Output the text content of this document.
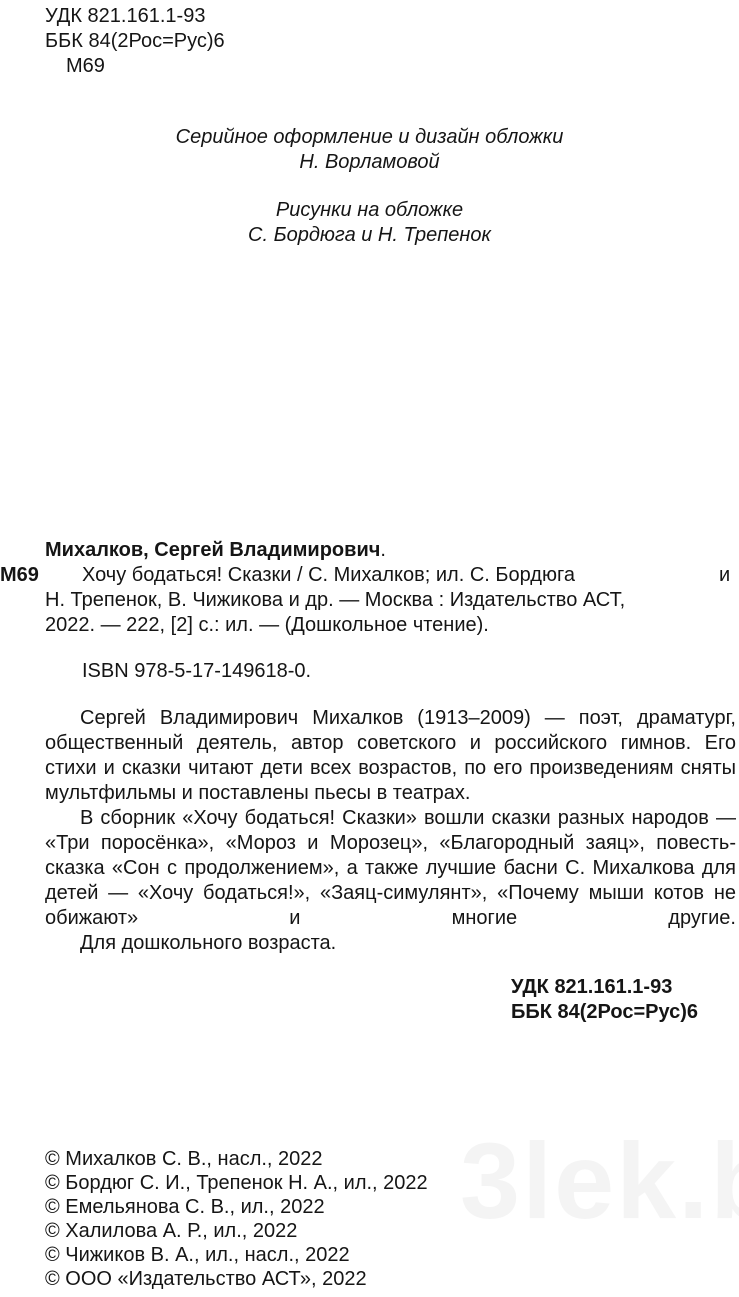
УДК 821.161.1-93
ББК 84(2Рос=Рус)6
М69
Серийное оформление и дизайн обложки
Н. Ворламовой
Рисунки на обложке
С. Бордюга и Н. Трепенок
Михалков, Сергей Владимирович.
М69 Хочу бодаться! Сказки / С. Михалков; ил. С. Бордюга	и
Н. Трепенок, В. Чижикова и др. — Москва : Издательство АСТ,
2022. — 222, [2] с.: ил. — (Дошкольное чтение).
ISBN 978-5-17-149618-0.

Сергей Владимирович Михалков (1913–2009) — поэт, драматург, общественный деятель, автор советского и российского гимнов. Его стихи и сказки читают дети всех возрастов, по его произведениям сняты мультфильмы и поставлены пьесы в театрах.

В сборник «Хочу бодаться! Сказки» вошли сказки разных народов — «Три поросёнка», «Мороз и Морозец», «Благородный заяц», повесть-сказка «Сон с продолжением», а также лучшие басни С. Михалкова для детей — «Хочу бодаться!», «Заяц-симулянт», «Почему мыши котов не обижают» и многие другие.

Для дошкольного возраста.

УДК 821.161.1-93
ББК 84(2Рос=Рус)6
© Михалков С. В., насл., 2022
© Бордюг С. И., Трепенок Н. А., ил., 2022
© Емельянова С. В., ил., 2022
© Халилова А. Р., ил., 2022
© Чижиков В. А., ил., насл., 2022
© ООО «Издательство АСТ», 2022
